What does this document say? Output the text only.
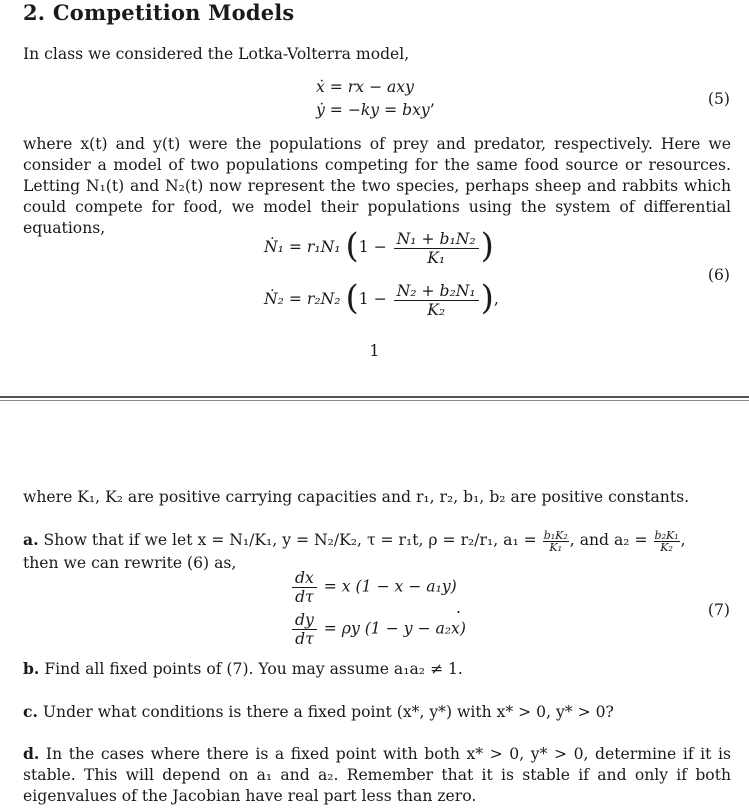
2. Competition Models
In class we considered the Lotka-Volterra model,
ẋ = rx − axy
ẏ = −ky = bxy’
(5)
where x(t) and y(t) were the populations of prey and predator, respectively. Here we consider a model of two populations competing for the same food source or resources. Letting N₁(t) and N₂(t) now represent the two species, perhaps sheep and rabbits which could compete for food, we model their populations using the system of differential equations,
Ṅ₁ = r₁N₁ ($1 - \frac{\text{N₁ + b₁N₂}}{\text{K₁}}$ )
Ṅ₂ = r₂N₂ ($1 - \frac{\text{N₂ + b₂N₁}}{\text{K₂}}$ ),
(6)
1
where K₁, K₂ are positive carrying capacities and r₁, r₂, b₁, b₂ are positive constants.
a. Show that if we let x = N₁/K₁, y = N₂/K₂, τ = r₁t, ρ = r₂/r₁, $a_1 = \frac{\text{b₁K₂}}{\text{K₁}}$ , and $a_2 = \frac{\text{b₂K₁}}{\text{K₂}}$ ,
then we can rewrite (6) as,
$\frac{dx}{d\tau} = x$ (1 − x − a₁y)
$\frac{dy}{d\tau} = \rho y$ (1 − y − a₂x)
.	(7)
b. Find all fixed points of (7). You may assume a₁a₂ ≠ 1.
c. Under what conditions is there a fixed point (x*, y*) with x* > 0, y* > 0?
d. In the cases where there is a fixed point with both x* > 0, y* > 0, determine if it is stable. This will depend on a₁ and a₂. Remember that it is stable if and only if both eigenvalues of the Jacobian have real part less than zero.
